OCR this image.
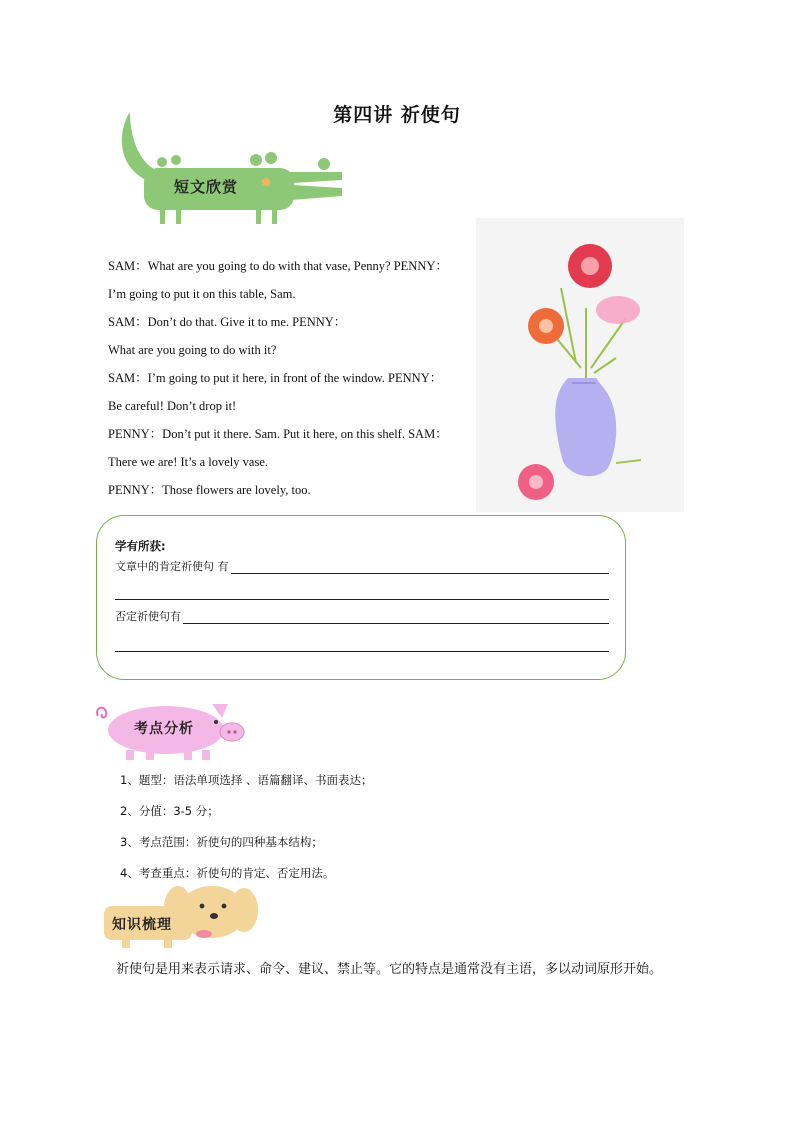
第四讲 祈使句
短文欣赏
SAM：What are you going to do with that vase, Penny? PENNY：
I’m going to put it on this table, Sam.
SAM：Don’t do that. Give it to me. PENNY：
What are you going to do with it?
SAM：I’m going to put it here, in front of the window. PENNY：
Be careful! Don’t drop it!
PENNY：Don’t put it there. Sam. Put it here, on this shelf. SAM：
There we are! It’s a lovely vase.
PENNY：Those flowers are lovely, too.
学有所获:
文章中的肯定祈使句 有
否定祈使句有
考点分析
1、题型：语法单项选择 、语篇翻译、书面表达；
2、分值：3-5 分；
3、考点范围：祈使句的四种基本结构；
4、考查重点：祈使句的肯定、否定用法。
知识梳理
祈使句是用来表示请求、命令、建议、禁止等。它的特点是通常没有主语，多以动词原形开始。
